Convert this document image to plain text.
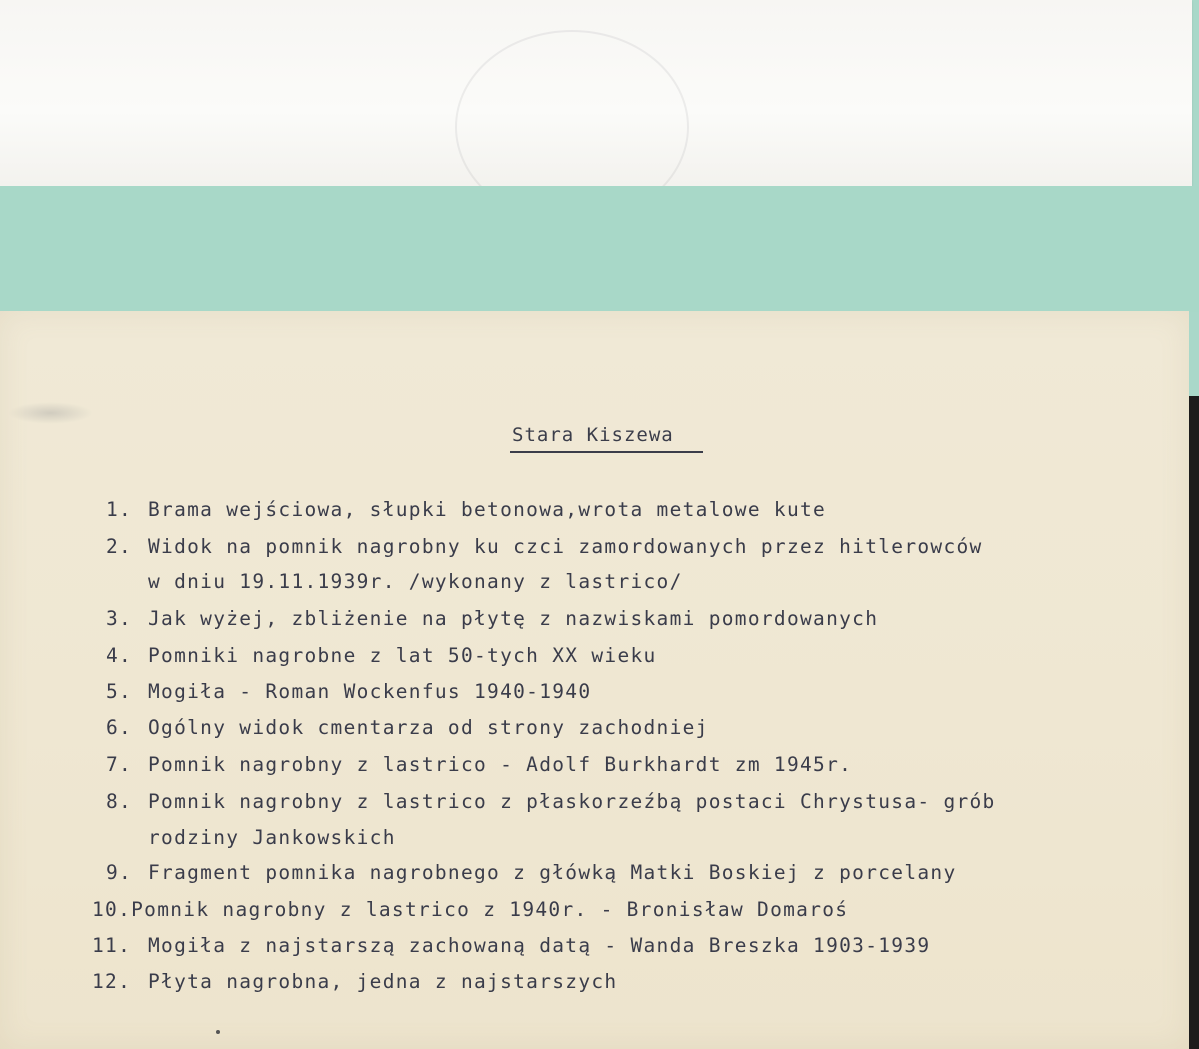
Stara Kiszewa
1. Brama wejściowa, słupki betonowa,wrota metalowe kute
2. Widok na pomnik nagrobny ku czci zamordowanych przez hitlerowców
w dniu 19.11.1939r. /wykonany z lastrico/
3. Jak wyżej, zbliżenie na płytę z nazwiskami pomordowanych
4. Pomniki nagrobne z lat 50-tych XX wieku
5. Mogiła - Roman Wockenfus 1940-1940
6. Ogólny widok cmentarza od strony zachodniej
7. Pomnik nagrobny z lastrico - Adolf Burkhardt zm 1945r.
8. Pomnik nagrobny z lastrico z płaskorzeźbą postaci Chrystusa- grób
rodziny Jankowskich
9. Fragment pomnika nagrobnego z główką Matki Boskiej z porcelany
10.Pomnik nagrobny z lastrico z 1940r. - Bronisław Domaroś
11. Mogiła z najstarszą zachowaną datą - Wanda Breszka 1903-1939
12. Płyta nagrobna, jedna z najstarszych
